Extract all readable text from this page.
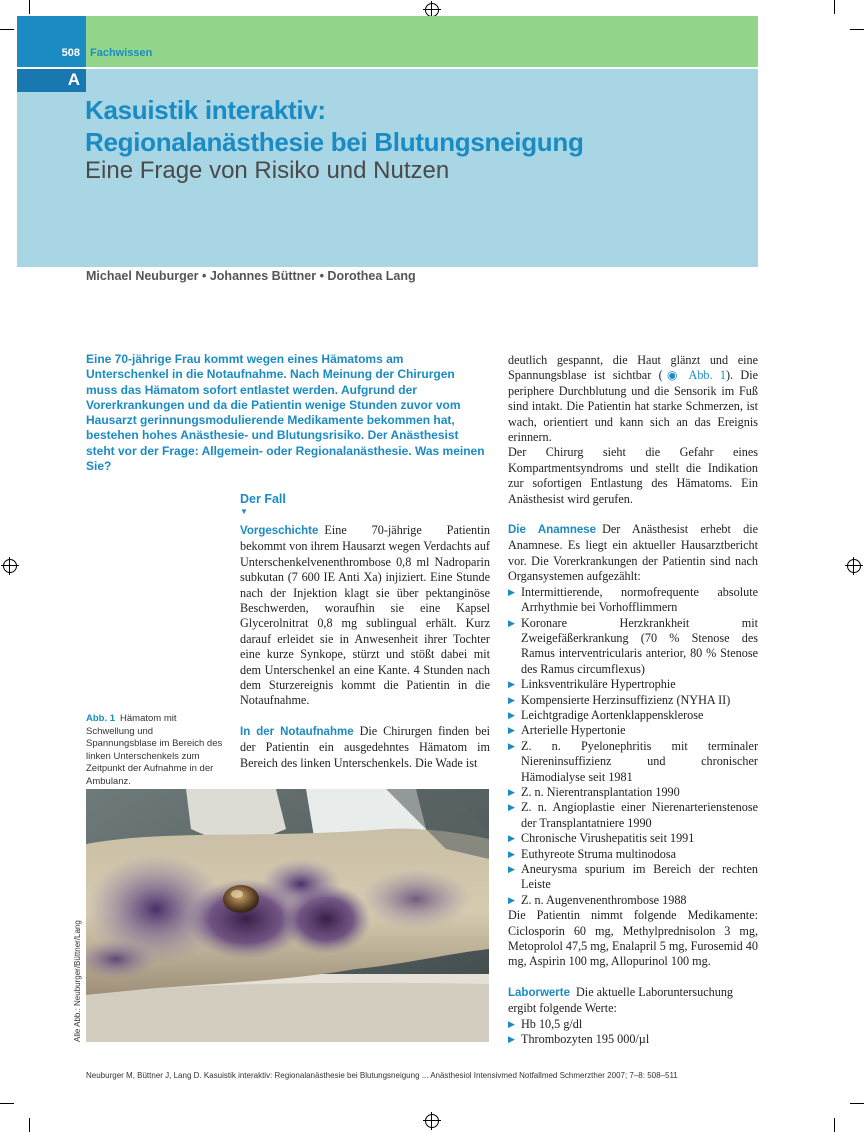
508 Fachwissen
A
Kasuistik interaktiv:
Regionalanästhesie bei Blutungsneigung
Eine Frage von Risiko und Nutzen
Michael Neuburger • Johannes Büttner • Dorothea Lang
Eine 70-jährige Frau kommt wegen eines Hämatoms am Unterschenkel in die Notaufnahme. Nach Meinung der Chirurgen muss das Hämatom sofort entlastet werden. Aufgrund der Vorerkrankungen und da die Patientin wenige Stunden zuvor vom Hausarzt gerinnungsmodulierende Medikamente bekommen hat, bestehen hohes Anästhesie- und Blutungsrisiko. Der Anästhesist steht vor der Frage: Allgemein- oder Regionalanästhesie. Was meinen Sie?
Der Fall
▼

Vorgeschichte Eine 70-jährige Patientin bekommt von ihrem Hausarzt wegen Verdachts auf Unterschenkelvenenthrombose 0,8 ml Nadroparin subkutan (7 600 IE Anti Xa) injiziert. Eine Stunde nach der Injektion klagt sie über pektanginöse Beschwerden, woraufhin sie eine Kapsel Glycerolnitrat 0,8 mg sublingual erhält. Kurz darauf erleidet sie in Anwesenheit ihrer Tochter eine kurze Synkope, stürzt und stößt dabei mit dem Unterschenkel an eine Kante. 4 Stunden nach dem Sturzereignis kommt die Patientin in die Notaufnahme.

In der Notaufnahme Die Chirurgen finden bei der Patientin ein ausgedehntes Hämatom im Bereich des linken Unterschenkels. Die Wade ist

deutlich gespannt, die Haut glänzt und eine Spannungsblase ist sichtbar (◉ Abb. 1). Die periphere Durchblutung und die Sensorik im Fuß sind intakt. Die Patientin hat starke Schmerzen, ist wach, orientiert und kann sich an das Ereignis erinnern.

Der Chirurg sieht die Gefahr eines Kompartmentsyndroms und stellt die Indikation zur sofortigen Entlastung des Hämatoms. Ein Anästhesist wird gerufen.

Die Anamnese Der Anästhesist erhebt die Anamnese. Es liegt ein aktueller Hausarztbericht vor. Die Vorerkrankungen der Patientin sind nach Organsystemen aufgezählt:

▶ Intermittierende, normofrequente absolute Arrhythmie bei Vorhofflimmern
▶ Koronare Herzkrankheit mit Zweigefäßerkrankung (70 % Stenose des Ramus interventricularis anterior, 80 % Stenose des Ramus circumflexus)
▶ Linksventrikuläre Hypertrophie
▶ Kompensierte Herzinsuffizienz (NYHA II)
▶ Leichtgradige Aortenklappensklerose
▶ Arterielle Hypertonie
▶ Z. n. Pyelonephritis mit terminaler Niereninsuffizienz und chronischer Hämodialyse seit 1981
▶ Z. n. Nierentransplantation 1990
▶ Z. n. Angioplastie einer Nierenarterienstenose der Transplantatniere 1990
▶ Chronische Virushepatitis seit 1991
▶ Euthyreote Struma multinodosa
▶ Aneurysma spurium im Bereich der rechten Leiste
▶ Z. n. Augenvenenthrombose 1988

Die Patientin nimmt folgende Medikamente: Ciclosporin 60 mg, Methylprednisolon 3 mg, Metoprolol 47,5 mg, Enalapril 5 mg, Furosemid 40 mg, Aspirin 100 mg, Allopurinol 100 mg.

Laborwerte Die aktuelle Laboruntersuchung ergibt folgende Werte:

▶ Hb 10,5 g/dl
▶ Thrombozyten 195 000/µl
Abb. 1 Hämatom mit Schwellung und Spannungsblase im Bereich des linken Unterschenkels zum Zeitpunkt der Aufnahme in der Ambulanz.
Alle Abb.: Neuburger/Büttner/Lang
Neuburger M, Büttner J, Lang D. Kasuistik interaktiv: Regionalanästhesie bei Blutungsneigung ... Anästhesiol Intensivmed Notfallmed Schmerzther 2007; 7–8: 508–511
